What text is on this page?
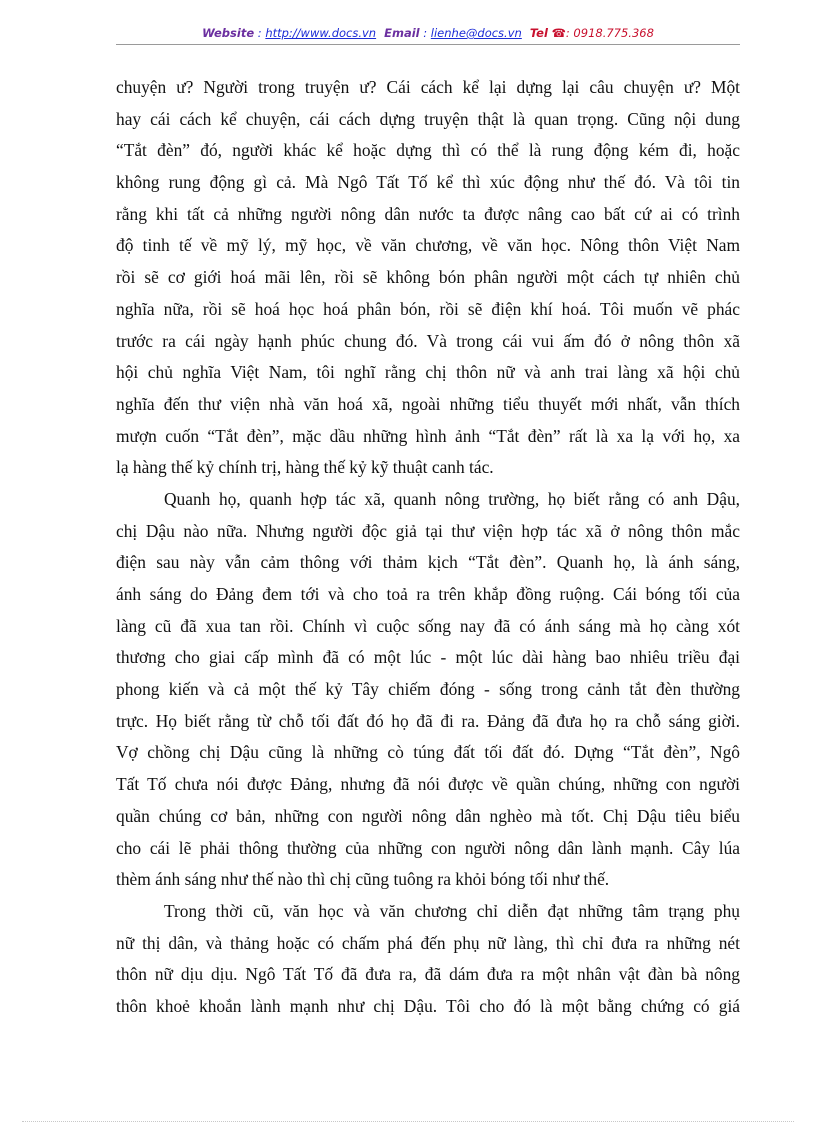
Website : http://www.docs.vn Email : lienhe@docs.vn Tel ☎: 0918.775.368
chuyện ư? Người trong truyện ư? Cái cách kể lại dựng lại câu chuyện ư? Một
hay cái cách kể chuyện, cái cách dựng truyện thật là quan trọng. Cũng nội dung
“Tắt đèn” đó, người khác kể hoặc dựng thì có thể là rung động kém đi, hoặc
không rung động gì cả. Mà Ngô Tất Tố kể thì xúc động như thế đó. Và tôi tin
rằng khi tất cả những người nông dân nước ta được nâng cao bất cứ ai có trình
độ tinh tế về mỹ lý, mỹ học, về văn chương, về văn học. Nông thôn Việt Nam
rồi sẽ cơ giới hoá mãi lên, rồi sẽ không bón phân người một cách tự nhiên chủ
nghĩa nữa, rồi sẽ hoá học hoá phân bón, rồi sẽ điện khí hoá. Tôi muốn vẽ phác
trước ra cái ngày hạnh phúc chung đó. Và trong cái vui ấm đó ở nông thôn xã
hội chủ nghĩa Việt Nam, tôi nghĩ rằng chị thôn nữ và anh trai làng xã hội chủ
nghĩa đến thư viện nhà văn hoá xã, ngoài những tiểu thuyết mới nhất, vẫn thích
mượn cuốn “Tắt đèn”, mặc dầu những hình ảnh “Tắt đèn” rất là xa lạ với họ, xa
lạ hàng thế kỷ chính trị, hàng thế kỷ kỹ thuật canh tác.
Quanh họ, quanh hợp tác xã, quanh nông trường, họ biết rằng có anh Dậu,
chị Dậu nào nữa. Nhưng người độc giả tại thư viện hợp tác xã ở nông thôn mắc
điện sau này vẫn cảm thông với thảm kịch “Tắt đèn”. Quanh họ, là ánh sáng,
ánh sáng do Đảng đem tới và cho toả ra trên khắp đồng ruộng. Cái bóng tối của
làng cũ đã xua tan rồi. Chính vì cuộc sống nay đã có ánh sáng mà họ càng xót
thương cho giai cấp mình đã có một lúc - một lúc dài hàng bao nhiêu triều đại
phong kiến và cả một thế kỷ Tây chiếm đóng - sống trong cảnh tắt đèn thường
trực. Họ biết rằng từ chỗ tối đất đó họ đã đi ra. Đảng đã đưa họ ra chỗ sáng giời.
Vợ chồng chị Dậu cũng là những cò túng đất tối đất đó. Dựng “Tắt đèn”, Ngô
Tất Tố chưa nói được Đảng, nhưng đã nói được về quần chúng, những con người
quần chúng cơ bản, những con người nông dân nghèo mà tốt. Chị Dậu tiêu biểu
cho cái lẽ phải thông thường của những con người nông dân lành mạnh. Cây lúa
thèm ánh sáng như thế nào thì chị cũng tuông ra khỏi bóng tối như thế.
Trong thời cũ, văn học và văn chương chỉ diễn đạt những tâm trạng phụ
nữ thị dân, và thảng hoặc có chấm phá đến phụ nữ làng, thì chỉ đưa ra những nét
thôn nữ dịu dịu. Ngô Tất Tố đã đưa ra, đã dám đưa ra một nhân vật đàn bà nông
thôn khoẻ khoắn lành mạnh như chị Dậu. Tôi cho đó là một bằng chứng có giá
